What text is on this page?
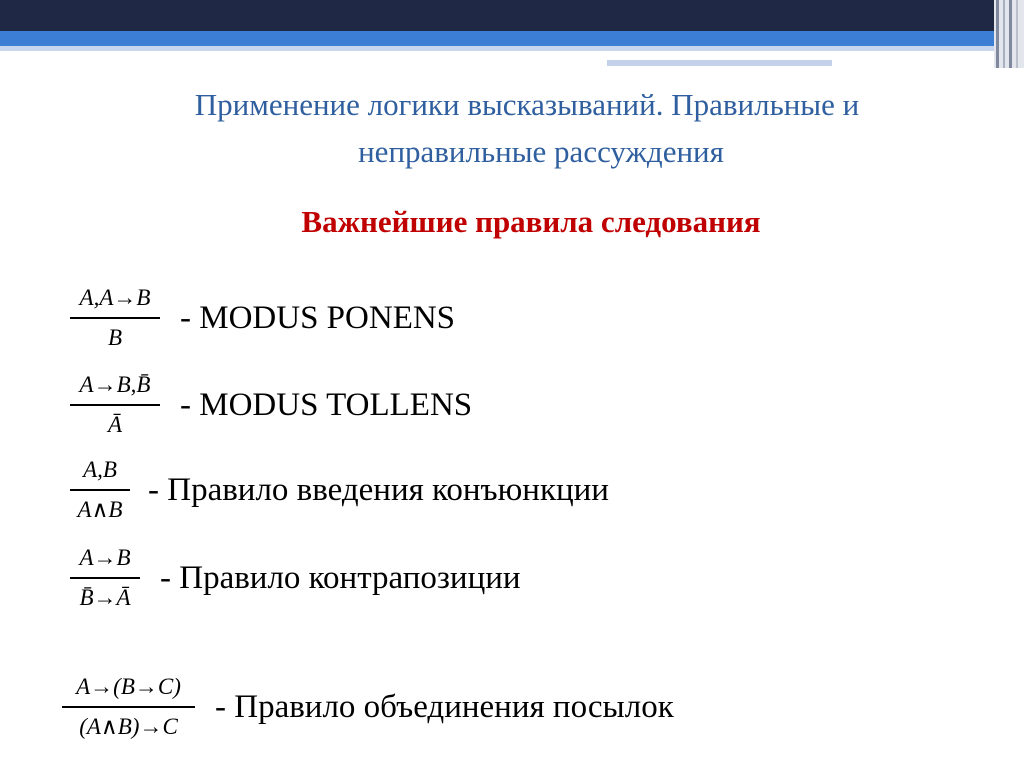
Применение логики высказываний. Правильные и
неправильные рассуждения
Важнейшие правила следования
$\frac{A,A\to B}{B}$ - MODUS PONENS
$\frac{A\to B,B̄}{Ā}$ - MODUS TOLLENS
$\frac{A,B}{A\wedge B}$ - Правило введения конъюнкции
$\frac{A\to B}{B̄\to Ā}$ - Правило контрапозиции
$\frac{A\to(B\to C)}{(A\wedge B)\to C}$ - Правило объединения посылок
